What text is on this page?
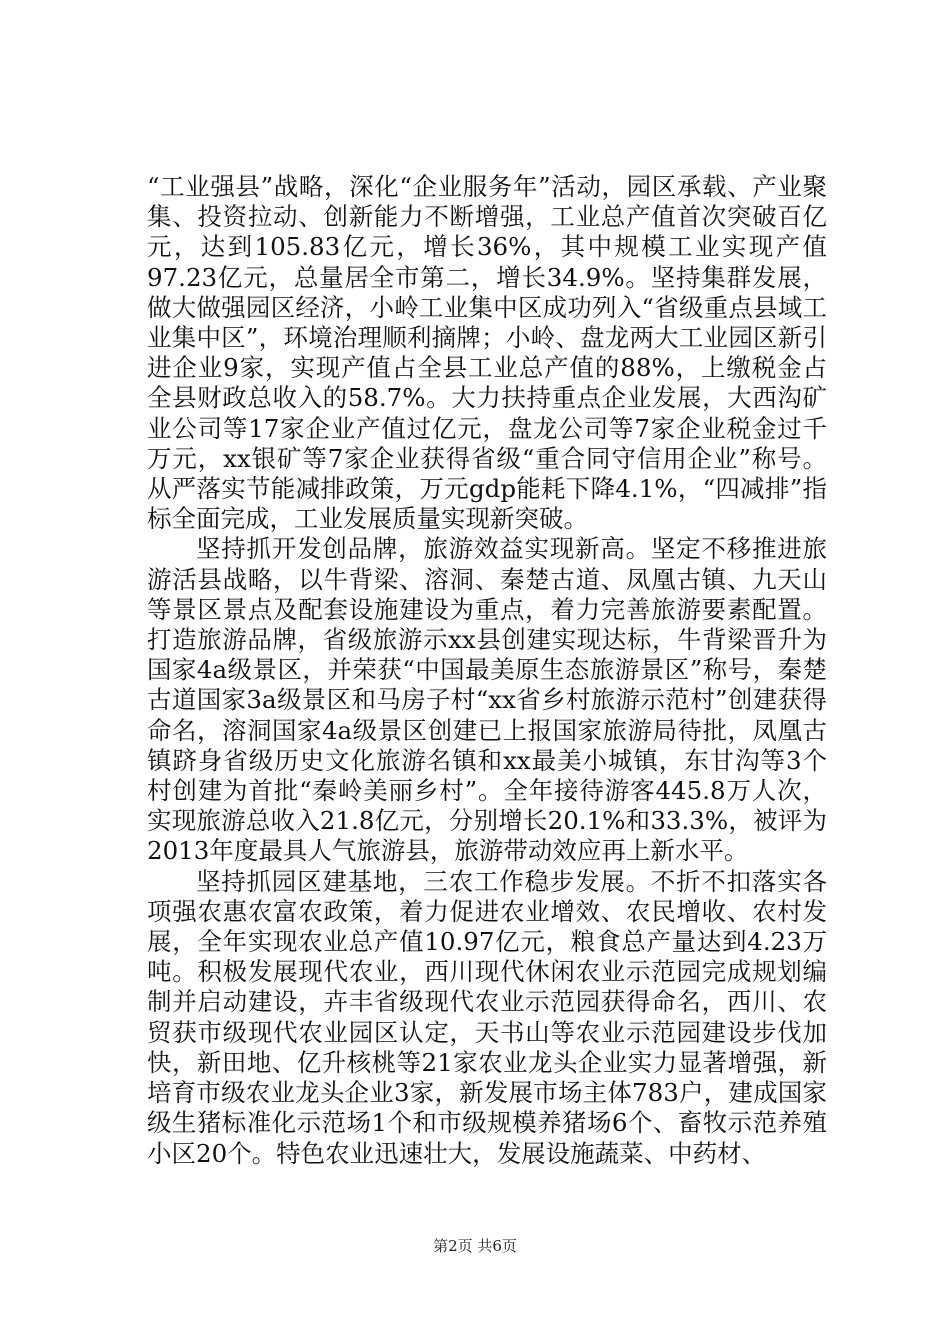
“工业强县”战略，深化“企业服务年”活动，园区承载、产业聚集、投资拉动、创新能力不断增强，工业总产值首次突破百亿元，达到105.83亿元，增长36%，其中规模工业实现产值97.23亿元，总量居全市第二，增长34.9%。坚持集群发展，做大做强园区经济，小岭工业集中区成功列入“省级重点县域工业集中区”，环境治理顺利摘牌；小岭、盘龙两大工业园区新引进企业9家，实现产值占全县工业总产值的88%，上缴税金占全县财政总收入的58.7%。大力扶持重点企业发展，大西沟矿业公司等17家企业产值过亿元，盘龙公司等7家企业税金过千万元，xx银矿等7家企业获得省级“重合同守信用企业”称号。从严落实节能减排政策，万元gdp能耗下降4.1%，“四减排”指标全面完成，工业发展质量实现新突破。

坚持抓开发创品牌，旅游效益实现新高。坚定不移推进旅游活县战略，以牛背梁、溶洞、秦楚古道、凤凰古镇、九天山等景区景点及配套设施建设为重点，着力完善旅游要素配置。打造旅游品牌，省级旅游示xx县创建实现达标，牛背梁晋升为国家4a级景区，并荣获“中国最美原生态旅游景区”称号，秦楚古道国家3a级景区和马房子村“xx省乡村旅游示范村”创建获得命名，溶洞国家4a级景区创建已上报国家旅游局待批，凤凰古镇跻身省级历史文化旅游名镇和xx最美小城镇，东甘沟等3个村创建为首批“秦岭美丽乡村”。全年接待游客445.8万人次，实现旅游总收入21.8亿元，分别增长20.1%和33.3%，被评为2013年度最具人气旅游县，旅游带动效应再上新水平。

坚持抓园区建基地，三农工作稳步发展。不折不扣落实各项强农惠农富农政策，着力促进农业增效、农民增收、农村发展，全年实现农业总产值10.97亿元，粮食总产量达到4.23万吨。积极发展现代农业，西川现代休闲农业示范园完成规划编制并启动建设，卉丰省级现代农业示范园获得命名，西川、农贸获市级现代农业园区认定，天书山等农业示范园建设步伐加快，新田地、亿升核桃等21家农业龙头企业实力显著增强，新培育市级农业龙头企业3家，新发展市场主体783户，建成国家级生猪标准化示范场1个和市级规模养猪场6个、畜牧示范养殖小区20个。特色农业迅速壮大，发展设施蔬菜、中药材、

第2页 共6页
